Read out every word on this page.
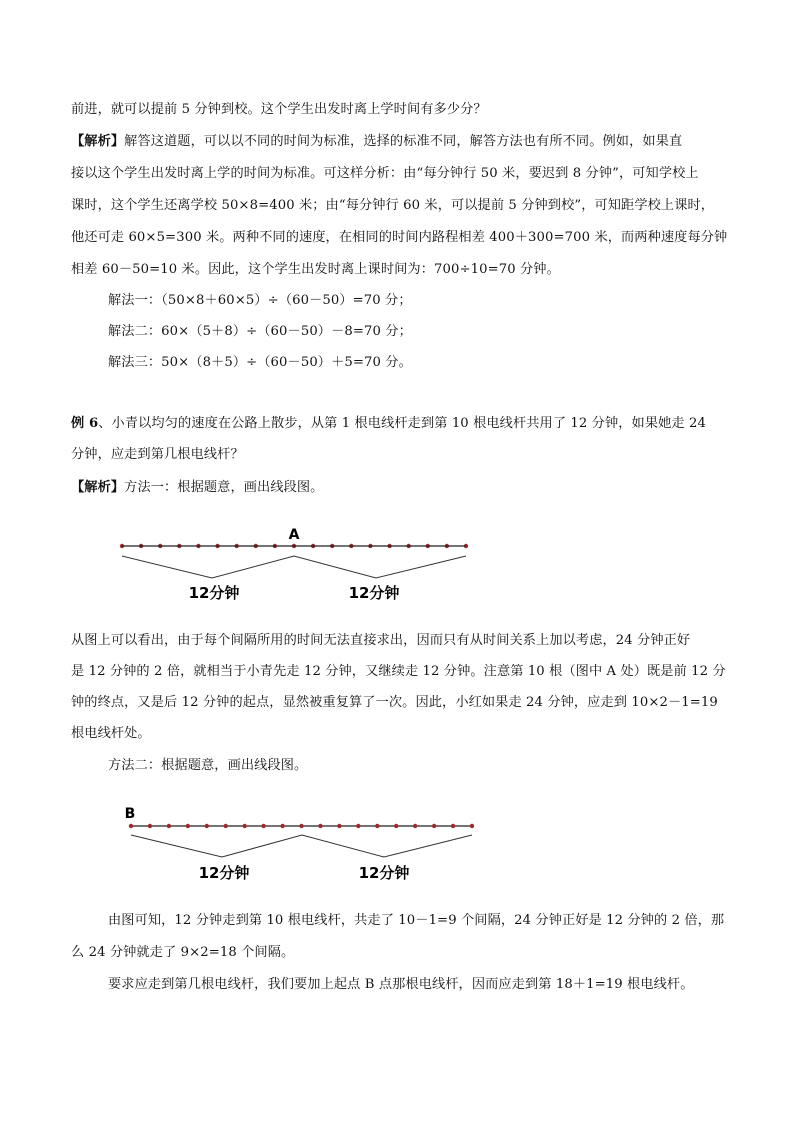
前进，就可以提前 5 分钟到校。这个学生出发时离上学时间有多少分？
【解析】解答这道题，可以以不同的时间为标准，选择的标准不同，解答方法也有所不同。例如，如果直
接以这个学生出发时离上学的时间为标准。可这样分析：由“每分钟行 50 米，要迟到 8 分钟”，可知学校上
课时，这个学生还离学校 50×8=400 米；由“每分钟行 60 米，可以提前 5 分钟到校”，可知距学校上课时，
他还可走 60×5=300 米。两种不同的速度，在相同的时间内路程相差 400＋300=700 米，而两种速度每分钟
相差 60－50=10 米。因此，这个学生出发时离上课时间为：700÷10=70 分钟。
解法一：（50×8＋60×5）÷（60－50）=70 分；
解法二：60×（5＋8）÷（60－50）－8=70 分；
解法三：50×（8＋5）÷（60－50）＋5=70 分。
例 6、小青以均匀的速度在公路上散步，从第 1 根电线杆走到第 10 根电线杆共用了 12 分钟，如果她走 24
分钟，应走到第几根电线杆？
【解析】方法一：根据题意，画出线段图。
A
12分钟	12分钟
从图上可以看出，由于每个间隔所用的时间无法直接求出，因而只有从时间关系上加以考虑，24 分钟正好
是 12 分钟的 2 倍，就相当于小青先走 12 分钟，又继续走 12 分钟。注意第 10 根（图中 A 处）既是前 12 分
钟的终点，又是后 12 分钟的起点，显然被重复算了一次。因此，小红如果走 24 分钟，应走到 10×2－1=19
根电线杆处。
方法二：根据题意，画出线段图。
B
12分钟	12分钟
由图可知，12 分钟走到第 10 根电线杆，共走了 10－1=9 个间隔，24 分钟正好是 12 分钟的 2 倍，那
么 24 分钟就走了 9×2=18 个间隔。
要求应走到第几根电线杆，我们要加上起点 B 点那根电线杆，因而应走到第 18＋1=19 根电线杆。
